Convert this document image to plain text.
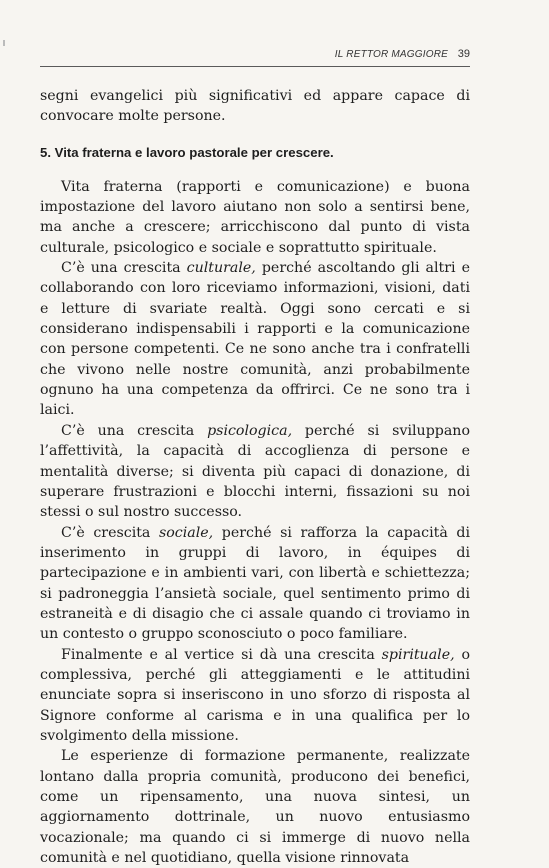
IL RETTOR MAGGIORE 39

segni evangelici più significativi ed appare capace di convocare molte persone.

5. Vita fraterna e lavoro pastorale per crescere.

Vita fraterna (rapporti e comunicazione) e buona impostazione del lavoro aiutano non solo a sentirsi bene, ma anche a crescere; arricchiscono dal punto di vista culturale, psicologico e sociale e soprattutto spirituale.

C’è una crescita culturale, perché ascoltando gli altri e collaborando con loro riceviamo informazioni, visioni, dati e letture di svariate realtà. Oggi sono cercati e si considerano indispensabili i rapporti e la comunicazione con persone competenti. Ce ne sono anche tra i confratelli che vivono nelle nostre comunità, anzi probabilmente ognuno ha una competenza da offrirci. Ce ne sono tra i laici.

C’è una crescita psicologica, perché si sviluppano l’affettività, la capacità di accoglienza di persone e mentalità diverse; si diventa più capaci di donazione, di superare frustrazioni e blocchi interni, fissazioni su noi stessi o sul nostro successo.

C’è crescita sociale, perché si rafforza la capacità di inserimento in gruppi di lavoro, in équipes di partecipazione e in ambienti vari, con libertà e schiettezza; si padroneggia l’ansietà sociale, quel sentimento primo di estraneità e di disagio che ci assale quando ci troviamo in un contesto o gruppo sconosciuto o poco familiare.

Finalmente e al vertice si dà una crescita spirituale, o complessiva, perché gli atteggiamenti e le attitudini enunciate sopra si inseriscono in uno sforzo di risposta al Signore conforme al carisma e in una qualifica per lo svolgimento della missione.

Le esperienze di formazione permanente, realizzate lontano dalla propria comunità, producono dei benefici, come un ripensamento, una nuova sintesi, un aggiornamento dottrinale, un nuovo entusiasmo vocazionale; ma quando ci si immerge di nuovo nella comunità e nel quotidiano, quella visione rinnovata
